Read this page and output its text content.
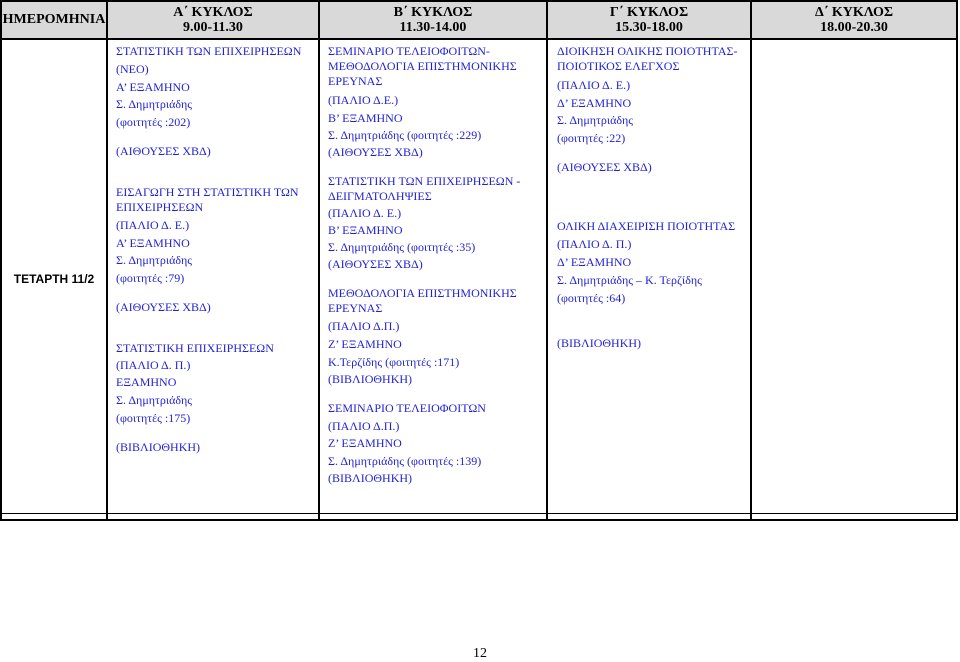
ΗΜΕΡΟΜΗΝΙΑ	Α΄ ΚΥΚΛΟΣ
9.00-11.30
Β΄ ΚΥΚΛΟΣ
11.30-14.00
Γ΄ ΚΥΚΛΟΣ
15.30-18.00
Δ΄ ΚΥΚΛΟΣ
18.00-20.30
ΤΕΤΑΡΤΗ 11/2
ΣΤΑΤΙΣΤΙΚΗ ΤΩΝ ΕΠΙΧΕΙΡΗΣΕΩΝ
(ΝΕΟ)
Α’ ΕΞΑΜΗΝΟ
Σ. Δημητριάδης
(φοιτητές :202)
(ΑΙΘΟΥΣΕΣ ΧΒΔ)
ΕΙΣΑΓΩΓΗ ΣΤΗ ΣΤΑΤΙΣΤΙΚΗ ΤΩΝ
ΕΠΙΧΕΙΡΗΣΕΩΝ
(ΠΑΛΙΟ Δ. Ε.)
Α’ ΕΞΑΜΗΝΟ
Σ. Δημητριάδης
(φοιτητές :79)
(ΑΙΘΟΥΣΕΣ ΧΒΔ)
ΣΤΑΤΙΣΤΙΚΗ ΕΠΙΧΕΙΡΗΣΕΩΝ
(ΠΑΛΙΟ Δ. Π.)
ΕΞΑΜΗΝΟ
Σ. Δημητριάδης
(φοιτητές :175)
(ΒΙΒΛΙΟΘΗΚΗ)
ΣΕΜΙΝΑΡΙΟ ΤΕΛΕΙΟΦΟΙΤΩΝ-
ΜΕΘΟΔΟΛΟΓΙΑ ΕΠΙΣΤΗΜΟΝΙΚΗΣ
ΕΡΕΥΝΑΣ
(ΠΑΛΙΟ Δ.Ε.)
Β’ ΕΞΑΜΗΝΟ
Σ. Δημητριάδης (φοιτητές :229)
(ΑΙΘΟΥΣΕΣ ΧΒΔ)
ΣΤΑΤΙΣΤΙΚΗ ΤΩΝ ΕΠΙΧΕΙΡΗΣΕΩΝ -
ΔΕΙΓΜΑΤΟΛΗΨΙΕΣ
(ΠΑΛΙΟ Δ. Ε.)
Β’ ΕΞΑΜΗΝΟ
Σ. Δημητριάδης (φοιτητές :35)
(ΑΙΘΟΥΣΕΣ ΧΒΔ)
ΜΕΘΟΔΟΛΟΓΙΑ ΕΠΙΣΤΗΜΟΝΙΚΗΣ
ΕΡΕΥΝΑΣ
(ΠΑΛΙΟ Δ.Π.)
Ζ’ ΕΞΑΜΗΝΟ
Κ.Τερζίδης (φοιτητές :171)
(ΒΙΒΛΙΟΘΗΚΗ)
ΣΕΜΙΝΑΡΙΟ ΤΕΛΕΙΟΦΟΙΤΩΝ
(ΠΑΛΙΟ Δ.Π.)
Ζ’ ΕΞΑΜΗΝΟ
Σ. Δημητριάδης (φοιτητές :139)
(ΒΙΒΛΙΟΘΗΚΗ)
ΔΙΟΙΚΗΣΗ ΟΛΙΚΗΣ ΠΟΙΟΤΗΤΑΣ-
ΠΟΙΟΤΙΚΟΣ ΕΛΕΓΧΟΣ
(ΠΑΛΙΟ Δ. Ε.)
Δ’ ΕΞΑΜΗΝΟ
Σ. Δημητριάδης
(φοιτητές :22)
(ΑΙΘΟΥΣΕΣ ΧΒΔ)
ΟΛΙΚΗ ΔΙΑΧΕΙΡΙΣΗ ΠΟΙΟΤΗΤΑΣ
(ΠΑΛΙΟ Δ. Π.)
Δ’ ΕΞΑΜΗΝΟ
Σ. Δημητριάδης – Κ. Τερζίδης
(φοιτητές :64)
(ΒΙΒΛΙΟΘΗΚΗ)
12
